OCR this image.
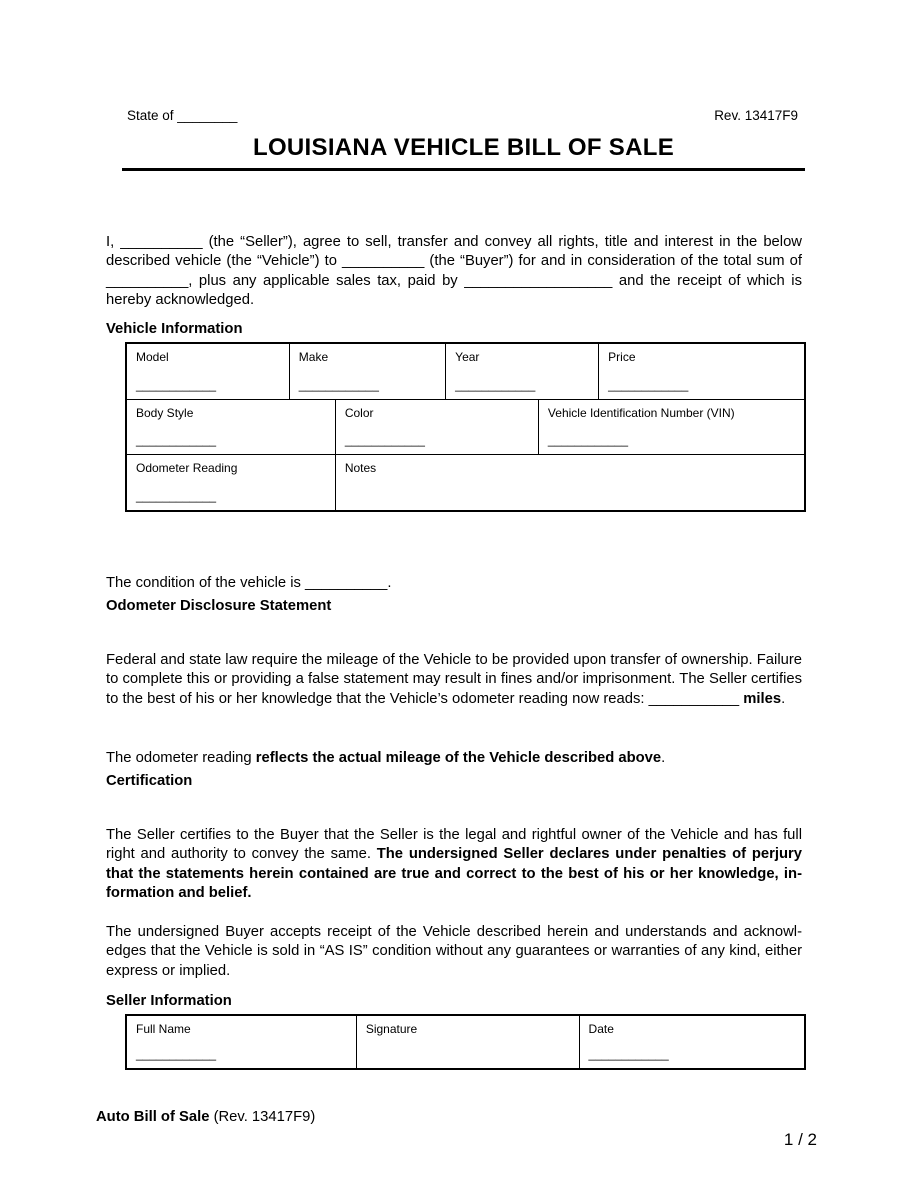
State of ________	Rev. 13417F9
LOUISIANA VEHICLE BILL OF SALE

I, __________ (the “Seller”), agree to sell, transfer and convey all rights, title and interest in the below described vehicle (the “Vehicle”) to __________ (the “Buyer”) for and in consideration of the total sum of __________, plus any applicable sales tax, paid by __________________ and the receipt of which is hereby acknowledged.

Vehicle Information
Model
____________
Make
____________
Year
____________
Price
____________
Body Style
____________
Color
____________
Vehicle Identification Number (VIN)
____________
Odometer Reading
____________
Notes

The condition of the vehicle is __________.

Odometer Disclosure Statement

Federal and state law require the mileage of the Vehicle to be provided upon transfer of ownership. Failure to complete this or providing a false statement may result in fines and/or imprisonment. The Seller certifies to the best of his or her knowledge that the Vehicle’s odometer reading now reads: ___________ miles.

The odometer reading reflects the actual mileage of the Vehicle described above.

Certification

The Seller certifies to the Buyer that the Seller is the legal and rightful owner of the Vehicle and has full right and authority to convey the same. The undersigned Seller declares under penalties of perjury that the statements herein contained are true and correct to the best of his or her knowledge, information and belief.

The undersigned Buyer accepts receipt of the Vehicle described herein and understands and acknowledges that the Vehicle is sold in “AS IS” condition without any guarantees or warranties of any kind, either express or implied.

Seller Information
Full Name
____________
Signature	Date
____________
Auto Bill of Sale (Rev. 13417F9)
1 / 2
